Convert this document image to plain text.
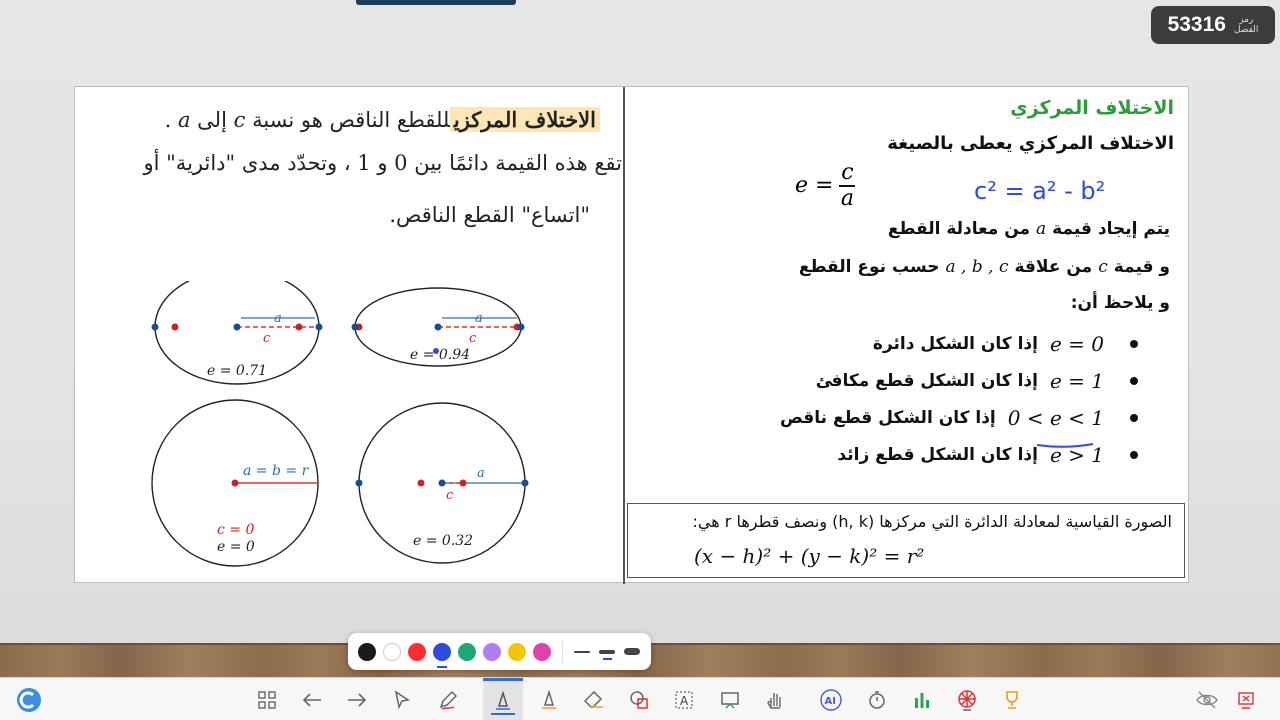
53316	رمز
الفصل
الاختلاف المركزيللقطع الناقص هو نسبة c إلى a .
تقع هذه القيمة دائمًا بين 0 و 1 ، وتحدّد مدى "دائرية" أو
"اتساع" القطع الناقص.
a
c
e = 0.71
a
c
e = 0.94
a = b = r
c = 0
e = 0
a
c
e = 0.32
الاختلاف المركزي
الاختلاف المركزي يعطى بالصيغة
$e = \frac{c}{a}$	c² = a² - b²
يتم إيجاد قيمةaمن معادلة القطع
و قيمةcمن علاقةa , b , cحسب نوع القطع
و يلاحظ أن:
e = 0
إذا كان الشكل دائرة
e = 1
إذا كان الشكل قطع مكافئ
0 < e < 1
إذا كان الشكل قطع ناقص
e > 1
إذا كان الشكل قطع زائد
الصورة القياسية لمعادلة الدائرة التي مركزها (h, k) ونصف قطرها r هي:
(x − h)² + (y − k)² = r²
A	AI
